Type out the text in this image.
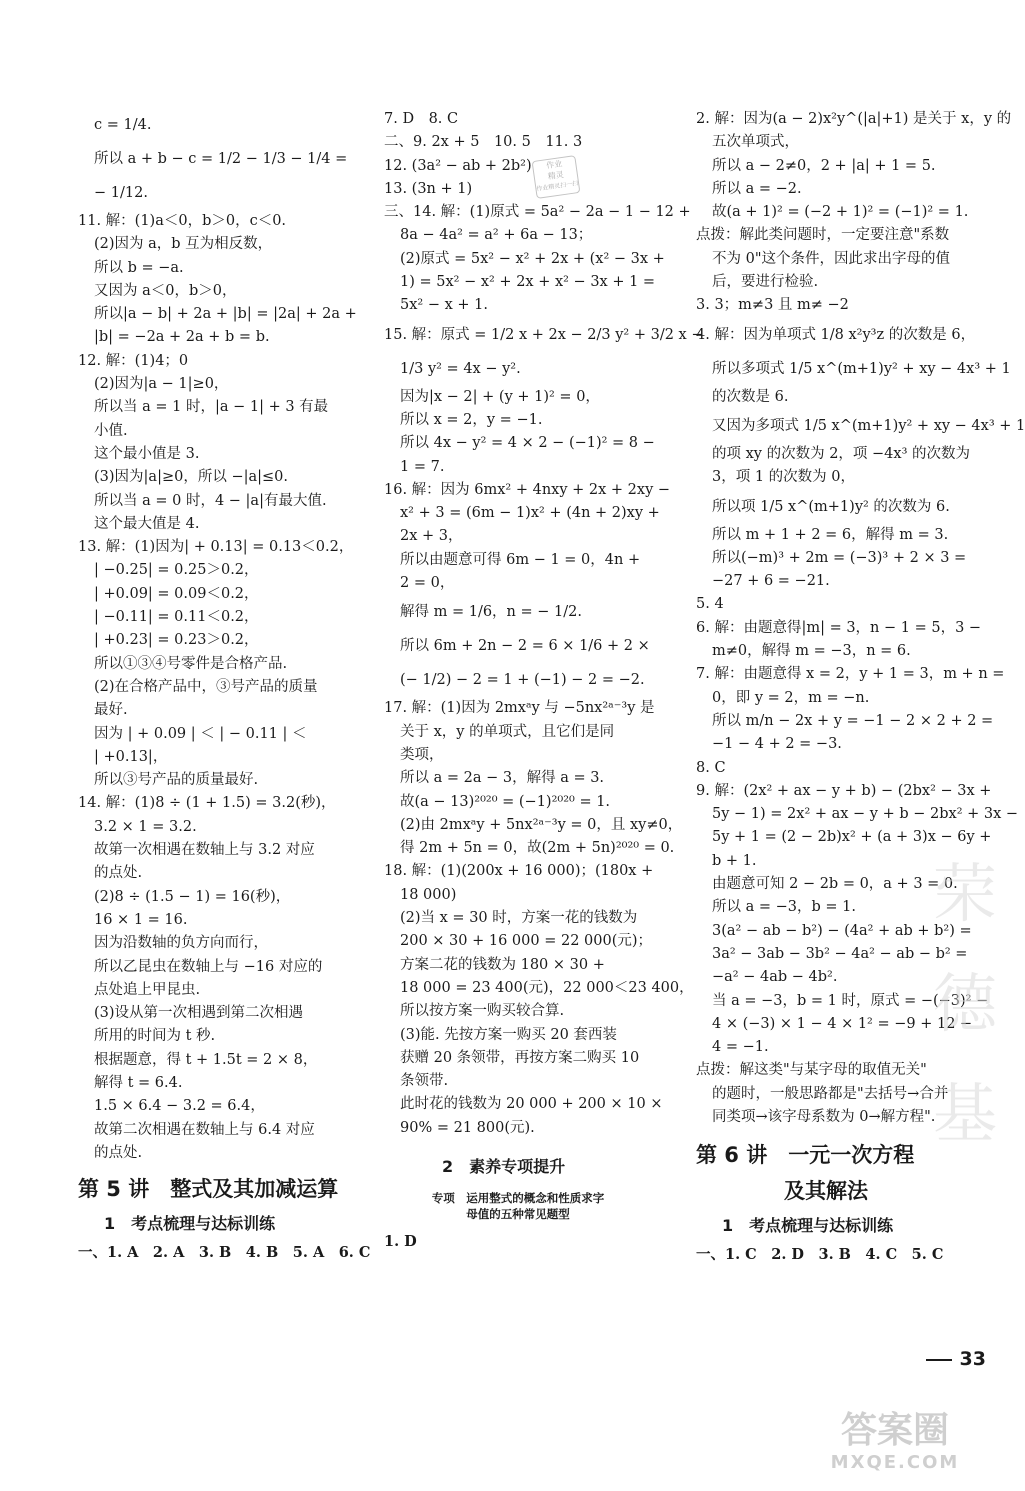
c = 1/4.
所以 a + b − c = 1/2 − 1/3 − 1/4 =
− 1/12.
11. 解：(1)a＜0，b＞0，c＜0.
(2)因为 a，b 互为相反数，
所以 b = −a.
又因为 a＜0，b＞0，
所以|a − b| + 2a + |b| = |2a| + 2a +
|b| = −2a + 2a + b = b.
12. 解：(1)4；0
(2)因为|a − 1|≥0，
所以当 a = 1 时，|a − 1| + 3 有最
小值.
这个最小值是 3.
(3)因为|a|≥0，所以 −|a|≤0.
所以当 a = 0 时，4 − |a|有最大值.
这个最大值是 4.
13. 解：(1)因为| + 0.13| = 0.13＜0.2，
| −0.25| = 0.25＞0.2，
| +0.09| = 0.09＜0.2，
| −0.11| = 0.11＜0.2，
| +0.23| = 0.23＞0.2，
所以①③④号零件是合格产品.
(2)在合格产品中，③号产品的质量
最好.
因为 | + 0.09 | ＜ | − 0.11 | ＜
| +0.13|，
所以③号产品的质量最好.
14. 解：(1)8 ÷ (1 + 1.5) = 3.2(秒)，
3.2 × 1 = 3.2.
故第一次相遇在数轴上与 3.2 对应
的点处.
(2)8 ÷ (1.5 − 1) = 16(秒)，
16 × 1 = 16.
因为沿数轴的负方向而行，
所以乙昆虫在数轴上与 −16 对应的
点处追上甲昆虫.
(3)设从第一次相遇到第二次相遇
所用的时间为 t 秒.
根据题意，得 t + 1.5t = 2 × 8，
解得 t = 6.4.
1.5 × 6.4 − 3.2 = 6.4，
故第二次相遇在数轴上与 6.4 对应
的点处.
第 5 讲　整式及其加减运算
1　考点梳理与达标训练
一、1. A　2. A　3. B　4. B　5. A　6. C
7. D　8. C
二、9. 2x + 5　10. 5　11. 3
12. (3a² − ab + 2b²)
13. (3n + 1)
三、14. 解：(1)原式 = 5a² − 2a − 1 − 12 +
8a − 4a² = a² + 6a − 13；
(2)原式 = 5x² − x² + 2x + (x² − 3x +
1) = 5x² − x² + 2x + x² − 3x + 1 =
5x² − x + 1.
15. 解：原式 = 1/2 x + 2x − 2/3 y² + 3/2 x −
1/3 y² = 4x − y².
因为|x − 2| + (y + 1)² = 0，
所以 x = 2，y = −1.
所以 4x − y² = 4 × 2 − (−1)² = 8 −
1 = 7.
16. 解：因为 6mx² + 4nxy + 2x + 2xy −
x² + 3 = (6m − 1)x² + (4n + 2)xy +
2x + 3，
所以由题意可得 6m − 1 = 0，4n +
2 = 0，
解得 m = 1/6，n = − 1/2.
所以 6m + 2n − 2 = 6 × 1/6 + 2 ×
(− 1/2) − 2 = 1 + (−1) − 2 = −2.
17. 解：(1)因为 2mxᵃy 与 −5nx²ᵃ⁻³y 是
关于 x，y 的单项式，且它们是同
类项，
所以 a = 2a − 3，解得 a = 3.
故(a − 13)²⁰²⁰ = (−1)²⁰²⁰ = 1.
(2)由 2mxᵃy + 5nx²ᵃ⁻³y = 0，且 xy≠0，
得 2m + 5n = 0，故(2m + 5n)²⁰²⁰ = 0.
18. 解：(1)(200x + 16 000)；(180x +
18 000)
(2)当 x = 30 时，方案一花的钱数为
200 × 30 + 16 000 = 22 000(元)；
方案二花的钱数为 180 × 30 +
18 000 = 23 400(元)，22 000＜23 400，
所以按方案一购买较合算.
(3)能. 先按方案一购买 20 套西装
获赠 20 条领带，再按方案二购买 10
条领带.
此时花的钱数为 20 000 + 200 × 10 ×
90% = 21 800(元).
2　素养专项提升
专项　运用整式的概念和性质求字
母值的五种常见题型
1. D
2. 解：因为(a − 2)x²y^(|a|+1) 是关于 x，y 的
五次单项式，
所以 a − 2≠0，2 + |a| + 1 = 5.
所以 a = −2.
故(a + 1)² = (−2 + 1)² = (−1)² = 1.
点拨：解此类问题时，一定要注意"系数
不为 0"这个条件，因此求出字母的值
后，要进行检验.
3. 3；m≠3 且 m≠ −2
4. 解：因为单项式 1/8 x²y³z 的次数是 6，
所以多项式 1/5 x^(m+1)y² + xy − 4x³ + 1
的次数是 6.
又因为多项式 1/5 x^(m+1)y² + xy − 4x³ + 1
的项 xy 的次数为 2，项 −4x³ 的次数为
3，项 1 的次数为 0，
所以项 1/5 x^(m+1)y² 的次数为 6.
所以 m + 1 + 2 = 6，解得 m = 3.
所以(−m)³ + 2m = (−3)³ + 2 × 3 =
−27 + 6 = −21.
5. 4
6. 解：由题意得|m| = 3，n − 1 = 5，3 −
m≠0，解得 m = −3，n = 6.
7. 解：由题意得 x = 2，y + 1 = 3，m + n =
0，即 y = 2，m = −n.
所以 m/n − 2x + y = −1 − 2 × 2 + 2 =
−1 − 4 + 2 = −3.
8. C
9. 解：(2x² + ax − y + b) − (2bx² − 3x +
5y − 1) = 2x² + ax − y + b − 2bx² + 3x −
5y + 1 = (2 − 2b)x² + (a + 3)x − 6y +
b + 1.
由题意可知 2 − 2b = 0，a + 3 = 0.
所以 a = −3，b = 1.
3(a² − ab − b²) − (4a² + ab + b²) =
3a² − 3ab − 3b² − 4a² − ab − b² =
−a² − 4ab − 4b².
当 a = −3，b = 1 时，原式 = −(−3)² −
4 × (−3) × 1 − 4 × 1² = −9 + 12 −
4 = −1.
点拨：解这类"与某字母的取值无关"
的题时，一般思路都是"去括号→合并
同类项→该字母系数为 0→解方程".
第 6 讲　一元一次方程
及其解法
1　考点梳理与达标训练
一、1. C　2. D　3. B　4. C　5. C
33
作业
精灵
作业精灵扫一扫
荣
德
基
答案圈
MXQE.COM
